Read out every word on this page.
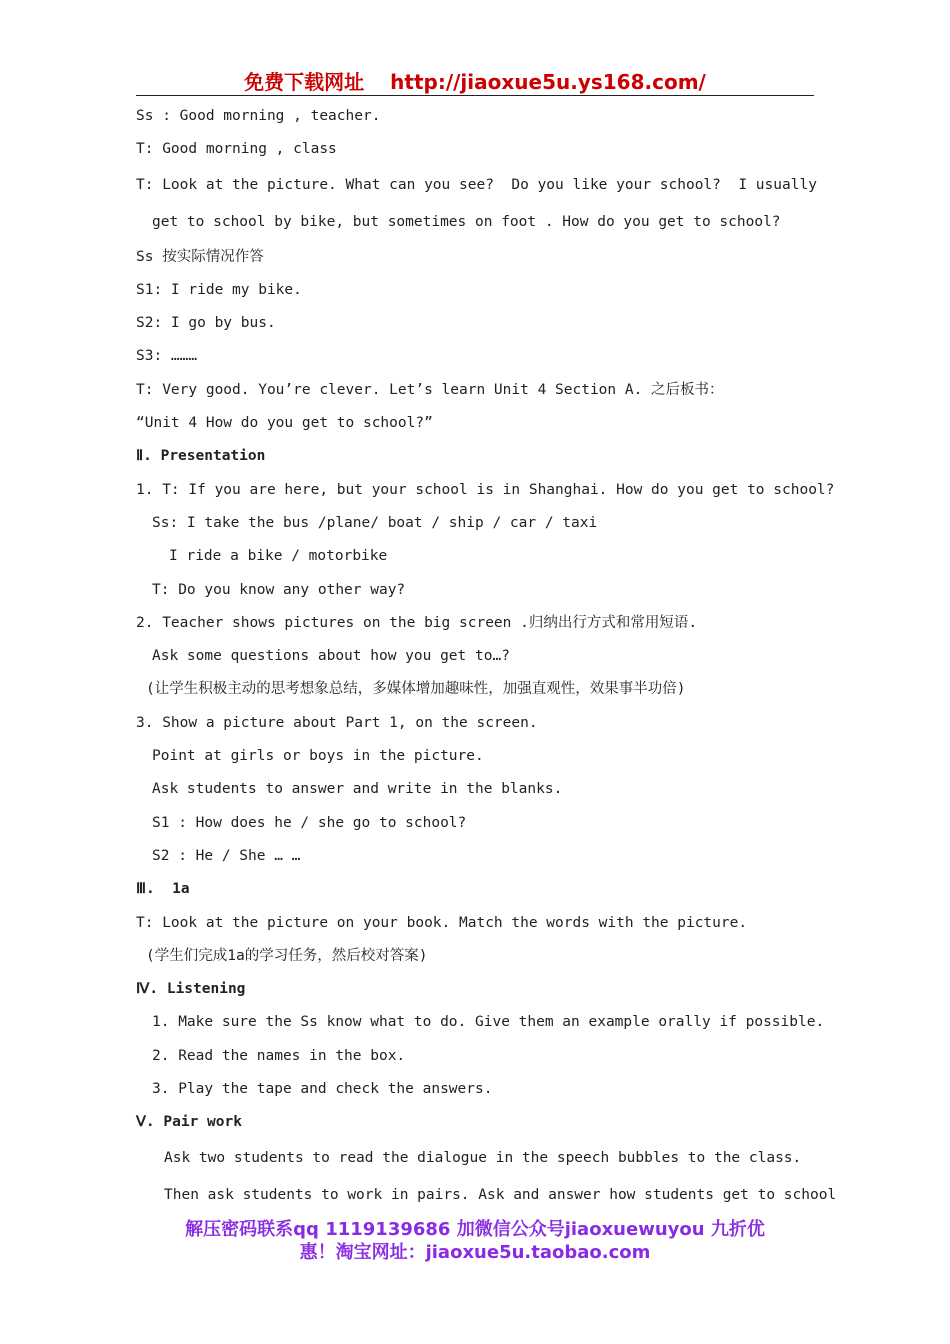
免费下载网址 http://jiaoxue5u.ys168.com/
Ss : Good morning , teacher.
T: Good morning , class
T: Look at the picture. What can you see?  Do you like your school?  I usually
get to school by bike, but sometimes on foot . How do you get to school?
Ss 按实际情况作答
S1: I ride my bike.
S2: I go by bus.
S3: ………
T: Very good. You’re clever. Let’s learn Unit 4 Section A. 之后板书：
“Unit 4 How do you get to school?”
Ⅱ. Presentation
1. T: If you are here, but your school is in Shanghai. How do you get to school?
Ss: I take the bus /plane/ boat / ship / car / taxi
I ride a bike / motorbike
T: Do you know any other way?
2. Teacher shows pictures on the big screen .归纳出行方式和常用短语.
Ask some questions about how you get to…?
(让学生积极主动的思考想象总结，多媒体增加趣味性，加强直观性，效果事半功倍)
3. Show a picture about Part 1, on the screen.
Point at girls or boys in the picture.
Ask students to answer and write in the blanks.
S1 : How does he / she go to school?
S2 : He / She … …
Ⅲ.  1a
T: Look at the picture on your book. Match the words with the picture.
(学生们完成1a的学习任务，然后校对答案)
Ⅳ. Listening
1. Make sure the Ss know what to do. Give them an example orally if possible.
2. Read the names in the box.
3. Play the tape and check the answers.
Ⅴ. Pair work
Ask two students to read the dialogue in the speech bubbles to the class.
Then ask students to work in pairs. Ask and answer how students get to school
解压密码联系qq 1119139686 加微信公众号jiaoxuewuyou 九折优
惠！淘宝网址：jiaoxue5u.taobao.com
